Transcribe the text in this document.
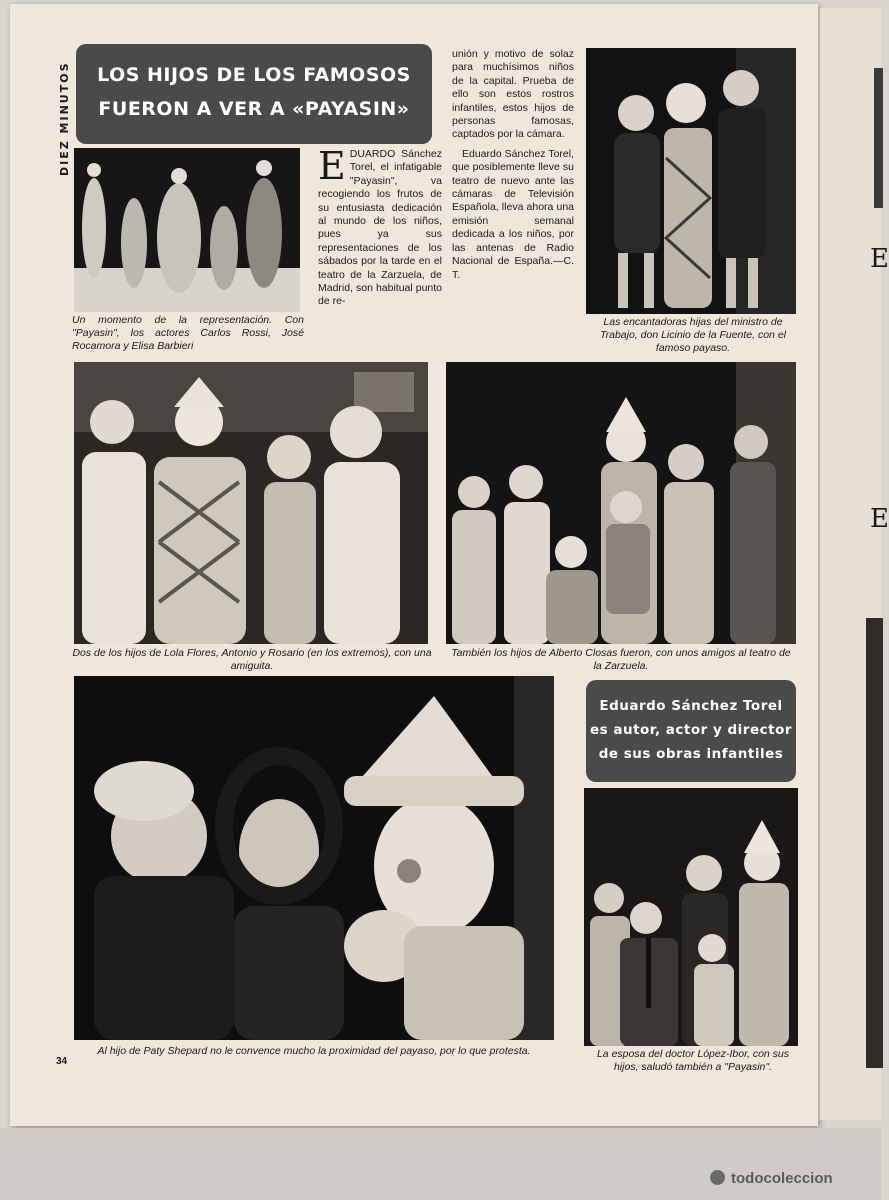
DIEZ MINUTOS	LOS HIJOS DE LOS FAMOSOS
FUERON A VER A «PAYASIN»

Un momento de la representación. Con "Payasin", los actores Carlos Rossi, José Rocamora y Elisa Barbieri

E DUARDO Sánchez Torel, el infatigable "Payasin", va recogiendo los frutos de su entusiasta dedicación al mundo de los niños, pues ya sus representaciones de los sábados por la tarde en el teatro de la Zarzuela, de Madrid, son habitual punto de re-

unión y motivo de solaz para muchísimos niños de la capital. Prueba de ello son estos rostros infantiles, estos hijos de personas famosas, captados por la cámara.

Eduardo Sánchez Torel, que posiblemente lleve su teatro de nuevo ante las cámaras de Televisión Española, lleva ahora una emisión semanal dedicada a los niños, por las antenas de Radio Nacional de España.—C. T.

Las encantadoras hijas del ministro de Trabajo, don Licinio de la Fuente, con el famoso payaso.

Dos de los hijos de Lola Flores, Antonio y Rosario (en los extremos), con una amiguita.

También los hijos de Alberto Closas fueron, con unos amigos al teatro de la Zarzuela.

34

Al hijo de Paty Shepard no le convence mucho la proximidad del payaso, por lo que protesta.

Eduardo Sánchez Torel
es autor, actor y director
de sus obras infantiles

La esposa del doctor López-Ibor, con sus hijos, saludó también a "Payasin".

E
E
todocoleccion
